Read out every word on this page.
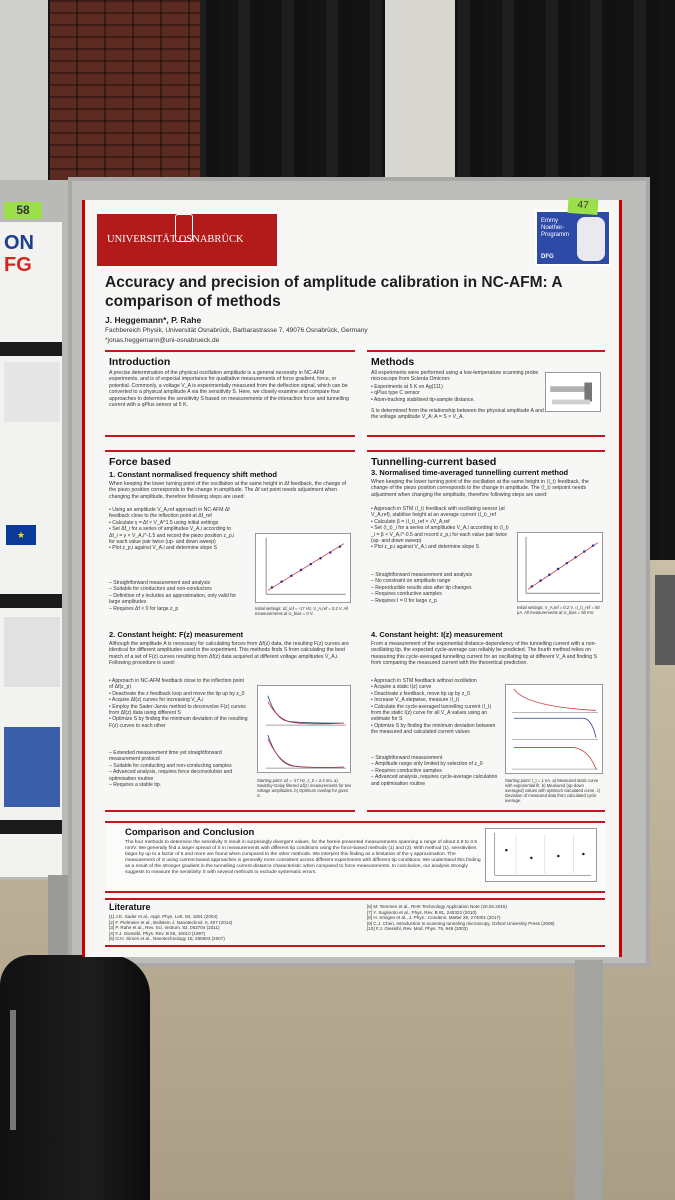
ON
FG
★
58
UNIVERSITÄT OSNABRÜCK
Emmy Noether-Programm
DFG
Accuracy and precision of amplitude calibration in NC-AFM: A comparison of methods
J. Heggemann*, P. Rahe
Fachbereich Physik, Universität Osnabrück, Barbarastrasse 7, 49076 Osnabrück, Germany
*jonas.heggemann@uni-osnabrueck.de
Introduction
A precise determination of the physical oscillation amplitude is a general necessity in NC-AFM experiments, and is of especial importance for qualitative measurements of force gradient, force, or potential. Commonly, a voltage V_A is experimentally measured from the deflection signal, which can be converted to a physical amplitude A via the sensitivity S. Here, we closely examine and compare four approaches to determine the sensitivity S based on measurements of the interaction force and tunnelling current with a qPlus sensor at 5 K.
Methods
All experiments were performed using a low-temperature scanning probe microscope from Scienta Omicron:
• Experiments at 5 K on Ag(111)
• qPlus type C sensor
• Atom-tracking stabilised tip-sample distance.
S is determined from the relationship between the physical amplitude A and the voltage amplitude V_A: A = S × V_A.
Force based
1. Constant normalised frequency shift method
When keeping the lower turning point of the oscillation at the same height in Δf feedback, the change of the piezo position corresponds to the change in amplitude. The Δf set point needs adjustment when changing the amplitude, therefore following steps are used:
• Using an amplitude V_A,ref approach in NC-AFM Δf feedback close to the inflection point at Δf_ref
• Calculate γ = Δf × V_A^1.5 using initial settings
• Set Δf_i for a series of amplitudes V_A,i according to Δf_i = γ × V_A,i^-1.5 and record the piezo position z_p,i for each value pair twice (up- and down sweep)
• Plot z_p,i against V_A,i and determine slope S
– Straightforward measurement and analysis
– Suitable for conductors and non-conductors
– Definition of γ includes an approximation, only valid for large amplitudes
– Requires Δf < 0 for large z_p	Initial settings: Δf_ref = -17 Hz, V_A,ref = 0.2 V. All measurements at U_bias = 0 V.
2. Constant height: F(z) measurement
Although the amplitude A is necessary for calculating forces from Δf(z) data, the resulting F(z) curves are identical for different amplitudes used in the experiment. This methods finds S from calculating the best match of a set of F(z) curves resulting from Δf(z) data acquired at different voltage amplitudes V_A,i. Following procedure is used:
• Approach in NC-AFM feedback close to the inflection point of Δf(z_p)
• Deactivate the z feedback loop and move the tip up by z_0
• Acquire Δf(z) curves for increasing V_A,i
• Employ the Sader-Jarvis method to deconvolve F(z) curves from Δf(z) data using different S
• Optimize S by finding the minimum deviation of the resulting F(z) curves to each other
– Extended measurement time yet straightforward measurement protocol
– Suitable for conducting and non-conducting samples
– Advanced analysis, requires force deconvolution and optimisation routine
– Requires a stable tip.
Starting point: Δf = -17 Hz, z_0 = 2.4 nm. a) Savitzky-Golay filtered Δf(z) measurements for two voltage amplitudes. b) Optimum overlap for given S.
Tunnelling-current based
3. Normalised time-averaged tunnelling current method
When keeping the lower turning point of the oscillation at the same height in ⟨I_t⟩ feedback, the change of the piezo position corresponds to the change in amplitude. The ⟨I_t⟩ setpoint needs adjustment when changing the amplitude, therefore following steps are used:
• Approach in STM ⟨I_t⟩ feedback with oscillating sensor (at V_A,ref), stabilise height at an average current ⟨I_t⟩_ref
• Calculate β = ⟨I_t⟩_ref × √V_A,ref
• Set ⟨I_t⟩_i for a series of amplitudes V_A,i according to ⟨I_t⟩_i = β × V_A,i^-0.5 and record z_p,i for each value pair twice (up- and down sweep)
• Plot z_p,i against V_A,i and determine slope S
– Straightforward measurement and analysis
– No constraint on amplitude range
– Reproducible results also after tip changes
– Requires conductive samples
– Requires I = 0 for large z_p
Initial settings: V_A,ref = 0.2 V, ⟨I_t⟩_ref = 50 pA. All measurements at U_bias = 50 mV.
4. Constant height: I(z) measurement
From a measurement of the exponential distance-dependency of the tunnelling current with a non-oscillating tip, the expected cycle-average can reliably be predicted. The fourth method relies on measuring this cycle-averaged tunnelling current for an oscillating tip at different V_A and finding S from comparing the measured current with the theoretical prediction.
• Approach in STM feedback without oscillation
• Acquire a static I(z) curve
• Deactivate z feedback, move tip up by z_0
• Increase V_A stepwise, measure ⟨I_t⟩
• Calculate the cycle-averaged tunnelling current ⟨I_t⟩ from the static I(z) curve for all V_A values using an estimate for S
• Optimize S by finding the minimum deviation between the measured and calculated current values
– Straightforward measurement
– Amplitude range only limited by selection of z_0
– Requires conductive samples
– Advanced analysis, requires cycle-average calculation and optimisation routine
Starting point: I_t = 1 nA. a) Measured static curve with exponential fit. b) Measured (up-down averaged) values with optimum calculated curve. c) Deviation of measured data from calculated cycle average.
Comparison and Conclusion
The four methods to determine the sensitivity S result in surprisingly divergent values, for the herein presented measurements spanning a range of about 2.9 to 3.5 nm/V. We generally find a larger spread of S in measurements with different tip conditions using the force-based methods (1) and (2). With method (1), sensitivities larger by up to a factor of 5 and more are found when compared to the other methods. We interpret this finding as a limitation of the γ approximation. The measurement of S using current-based approaches is generally more consistent across different experiments with different tip conditions. We understand this finding as a result of the stronger gradient in the tunnelling current-distance characteristic when compared to force measurements. In conclusion, our analysis strongly suggests to measure the sensitivity S with several methods to exclude systematic errors.
Literature
[1] J.E. Sader et al., Appl. Phys. Lett. 84, 1801 (2004)
[2] F. Pielmeier et al., Beilstein J. Nanotechnol. 5, 407 (2014)
[3] P. Rahe et al., Rev. Sci. Instrum. 82, 063704 (2011)
[4] F.J. Giessibl, Phys. Rev. B 56, 16010 (1997)
[5] G.H. Simon et al., Nanotechnology 18, 255503 (2007)
[6] M. Temmen et al., RHK Technology Application Note (20.02.2015)
[7] Y. Sugimoto et al., Phys. Rev. B 81, 245322 (2010)
[8] H. Söngen et al., J. Phys.: Condens. Matter 29, 274001 (2017)
[9] C.J. Chen, Introduction to scanning tunneling microscopy, Oxford University Press (2008)
[10] F.J. Giessibl, Rev. Mod. Phys. 75, 949 (2003)
47
